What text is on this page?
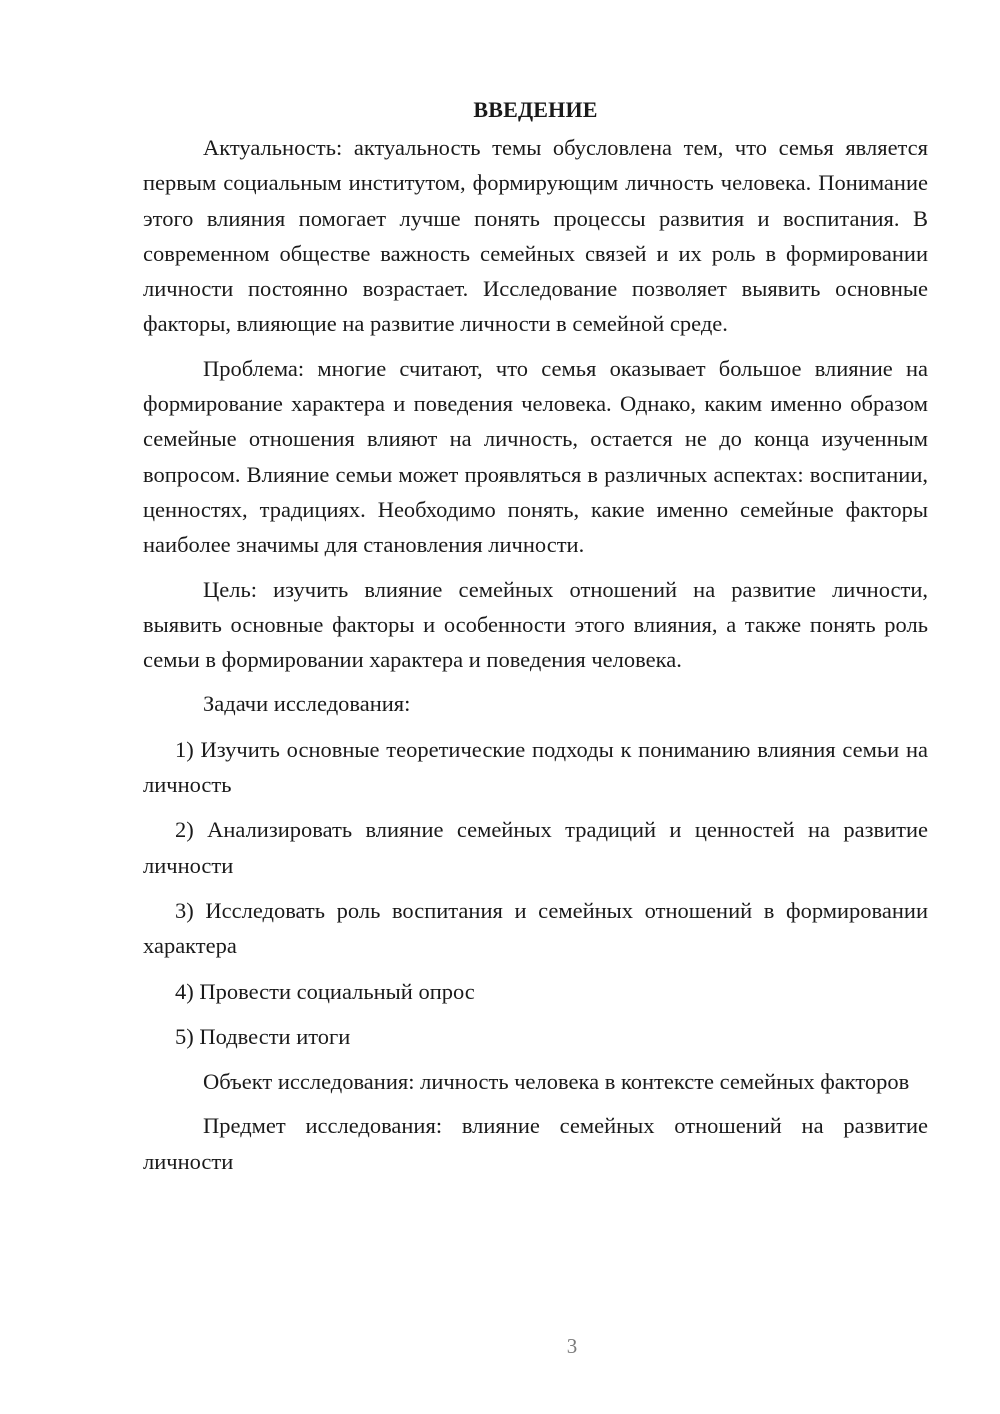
ВВЕДЕНИЕ

Актуальность: актуальность темы обусловлена тем, что семья является первым социальным институтом, формирующим личность человека. Понимание этого влияния помогает лучше понять процессы развития и воспитания. В современном обществе важность семейных связей и их роль в формировании личности постоянно возрастает. Исследование позволяет выявить основные факторы, влияющие на развитие личности в семейной среде.

Проблема: многие считают, что семья оказывает большое влияние на формирование характера и поведения человека. Однако, каким именно образом семейные отношения влияют на личность, остается не до конца изученным вопросом. Влияние семьи может проявляться в различных аспектах: воспитании, ценностях, традициях. Необходимо понять, какие именно семейные факторы наиболее значимы для становления личности.

Цель: изучить влияние семейных отношений на развитие личности, выявить основные факторы и особенности этого влияния, а также понять роль семьи в формировании характера и поведения человека.

Задачи исследования:

1) Изучить основные теоретические подходы к пониманию влияния семьи на личность

2) Анализировать влияние семейных традиций и ценностей на развитие личности

3) Исследовать роль воспитания и семейных отношений в формировании характера

4) Провести социальный опрос

5) Подвести итоги

Объект исследования: личность человека в контексте семейных факторов

Предмет исследования: влияние семейных отношений на развитие личности

3
